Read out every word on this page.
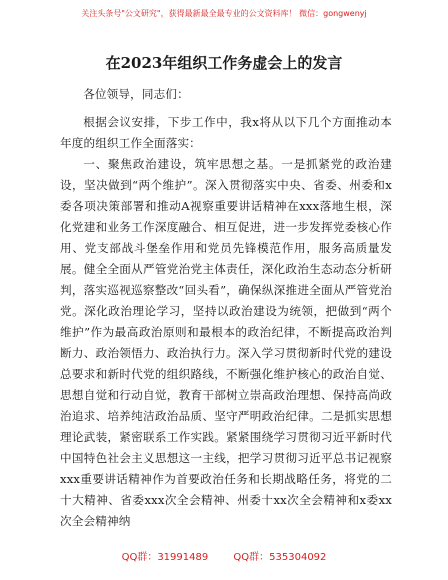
关注头条号"公文研究"，获得最新最全最专业的公文资料库！ 微信：gongwenyj
在2023年组织工作务虚会上的发言

各位领导，同志们：

根据会议安排，下步工作中，我x将从以下几个方面推动本年度的组织工作全面落实：

一、聚焦政治建设，筑牢思想之基。一是抓紧党的政治建设，坚决做到“两个维护”。深入贯彻落实中央、省委、州委和x委各项决策部署和推动A视察重要讲话精神在xxx落地生根，深化党建和业务工作深度融合、相互促进，进一步发挥党委核心作用、党支部战斗堡垒作用和党员先锋模范作用，服务高质量发展。健全全面从严管党治党主体责任，深化政治生态动态分析研判，落实巡视巡察整改“回头看”，确保纵深推进全面从严管党治党。深化政治理论学习，坚持以政治建设为统领，把做到“两个维护”作为最高政治原则和最根本的政治纪律，不断提高政治判断力、政治领悟力、政治执行力。深入学习贯彻新时代党的建设总要求和新时代党的组织路线，不断强化维护核心的政治自觉、思想自觉和行动自觉，教育干部树立崇高政治理想、保持高尚政治追求、培养纯洁政治品质、坚守严明政治纪律。二是抓实思想理论武装，紧密联系工作实践。紧紧围绕学习贯彻习近平新时代中国特色社会主义思想这一主线，把学习贯彻习近平总书记视察xxx重要讲话精神作为首要政治任务和长期战略任务，将党的二十大精神、省委xxx次全会精神、州委十xx次全会精神和x委xx次全会精神纳

QQ群：31991489	QQ群：535304092
